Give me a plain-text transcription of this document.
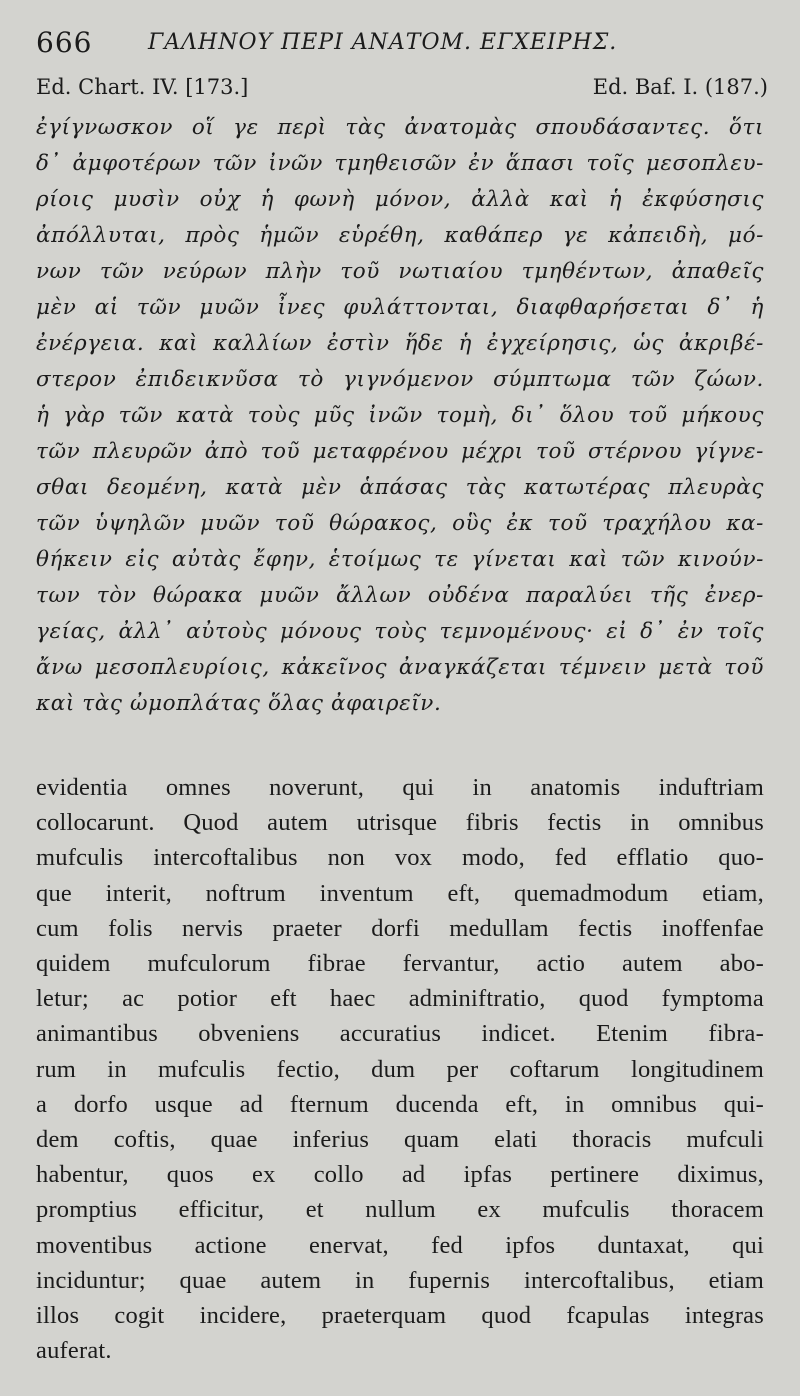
666	ΓΑΛΗΝΟΥ ΠΕΡΙ ΑΝΑΤΟΜ. ΕΓΧΕΙΡΗΣ.
Ed. Chart. IV. [173.]	Ed. Baf. I. (187.)
ἐγίγνωσκον οἵ γε περὶ τὰς ἀνατομὰς σπουδάσαντες. ὅτι
δ᾽ ἀμφοτέρων τῶν ἰνῶν τμηθεισῶν ἐν ἅπασι τοῖς μεσοπλευ-
ρίοις μυσὶν οὐχ ἡ φωνὴ μόνον, ἀλλὰ καὶ ἡ ἐκφύσησις
ἀπόλλυται, πρὸς ἡμῶν εὑρέθη, καθάπερ γε κἀπειδὴ, μό-
νων τῶν νεύρων πλὴν τοῦ νωτιαίου τμηθέντων, ἀπαθεῖς
μὲν αἱ τῶν μυῶν ἶνες φυλάττονται, διαφθαρήσεται δ᾽ ἡ
ἐνέργεια. καὶ καλλίων ἐστὶν ἥδε ἡ ἐγχείρησις, ὡς ἀκριβέ-
στερον ἐπιδεικνῦσα τὸ γιγνόμενον σύμπτωμα τῶν ζώων.
ἡ γὰρ τῶν κατὰ τοὺς μῦς ἰνῶν τομὴ, δι᾽ ὅλου τοῦ μήκους
τῶν πλευρῶν ἀπὸ τοῦ μεταφρένου μέχρι τοῦ στέρνου γίγνε-
σθαι δεομένη, κατὰ μὲν ἁπάσας τὰς κατωτέρας πλευρὰς
τῶν ὑψηλῶν μυῶν τοῦ θώρακος, οὓς ἐκ τοῦ τραχήλου κα-
θήκειν εἰς αὐτὰς ἔφην, ἑτοίμως τε γίνεται καὶ τῶν κινούν-
των τὸν θώρακα μυῶν ἄλλων οὐδένα παραλύει τῆς ἐνερ-
γείας, ἀλλ᾽ αὐτοὺς μόνους τοὺς τεμνομένους· εἰ δ᾽ ἐν τοῖς
ἄνω μεσοπλευρίοις, κἀκεῖνος ἀναγκάζεται τέμνειν μετὰ τοῦ
καὶ τὰς ὠμοπλάτας ὅλας ἀφαιρεῖν.
evidentia omnes noverunt, qui in anatomis induftriam
collocarunt. Quod autem utrisque fibris fectis in omnibus
mufculis intercoftalibus non vox modo, fed efflatio quo-
que interit, noftrum inventum eft, quemadmodum etiam,
cum folis nervis praeter dorfi medullam fectis inoffenfae
quidem mufculorum fibrae fervantur, actio autem abo-
letur; ac potior eft haec adminiftratio, quod fymptoma
animantibus obveniens accuratius indicet. Etenim fibra-
rum in mufculis fectio, dum per coftarum longitudinem
a dorfo usque ad fternum ducenda eft, in omnibus qui-
dem coftis, quae inferius quam elati thoracis mufculi
habentur, quos ex collo ad ipfas pertinere diximus,
promptius efficitur, et nullum ex mufculis thoracem
moventibus actione enervat, fed ipfos duntaxat, qui
inciduntur; quae autem in fupernis intercoftalibus, etiam
illos cogit incidere, praeterquam quod fcapulas integras
auferat.
